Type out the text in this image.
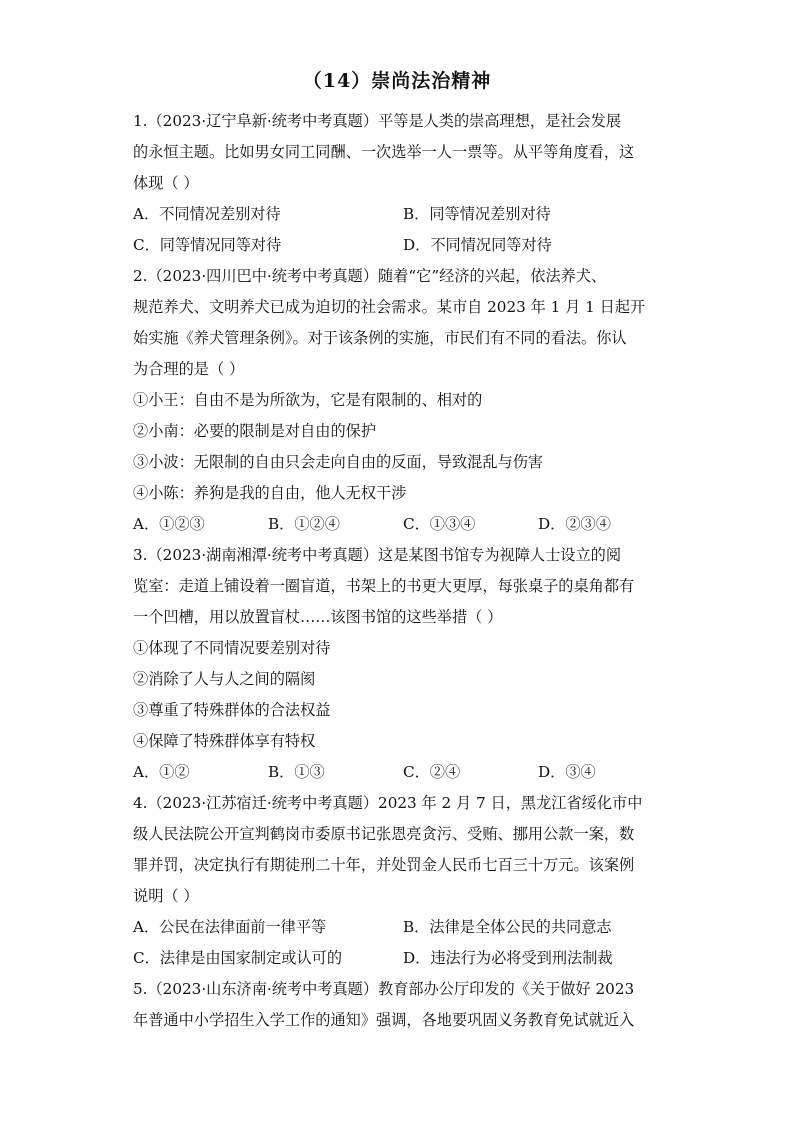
（14）崇尚法治精神
1.（2023·辽宁阜新·统考中考真题）平等是人类的崇高理想，是社会发展
的永恒主题。比如男女同工同酬、一次选举一人一票等。从平等角度看，这
体现（ ）
A．不同情况差别对待	B．同等情况差别对待
C．同等情况同等对待	D．不同情况同等对待
2.（2023·四川巴中·统考中考真题）随着“它”经济的兴起，依法养犬、
规范养犬、文明养犬已成为迫切的社会需求。某市自 2023 年 1 月 1 日起开
始实施《养犬管理条例》。对于该条例的实施，市民们有不同的看法。你认
为合理的是（ ）
①小王：自由不是为所欲为，它是有限制的、相对的
②小南：必要的限制是对自由的保护
③小波：无限制的自由只会走向自由的反面，导致混乱与伤害
④小陈：养狗是我的自由，他人无权干涉
A．①②③	B．①②④	C．①③④	D．②③④
3.（2023·湖南湘潭·统考中考真题）这是某图书馆专为视障人士设立的阅
览室：走道上铺设着一圈盲道，书架上的书更大更厚，每张桌子的桌角都有
一个凹槽，用以放置盲杖……该图书馆的这些举措（ ）
①体现了不同情况要差别对待
②消除了人与人之间的隔阂
③尊重了特殊群体的合法权益
④保障了特殊群体享有特权
A．①②	B．①③	C．②④	D．③④
4.（2023·江苏宿迁·统考中考真题）2023 年 2 月 7 日，黑龙江省绥化市中
级人民法院公开宣判鹤岗市委原书记张恩亮贪污、受贿、挪用公款一案，数
罪并罚，决定执行有期徒刑二十年，并处罚金人民币七百三十万元。该案例
说明（ ）
A．公民在法律面前一律平等	B．法律是全体公民的共同意志
C．法律是由国家制定或认可的	D．违法行为必将受到刑法制裁
5.（2023·山东济南·统考中考真题）教育部办公厅印发的《关于做好 2023
年普通中小学招生入学工作的通知》强调，各地要巩固义务教育免试就近入
